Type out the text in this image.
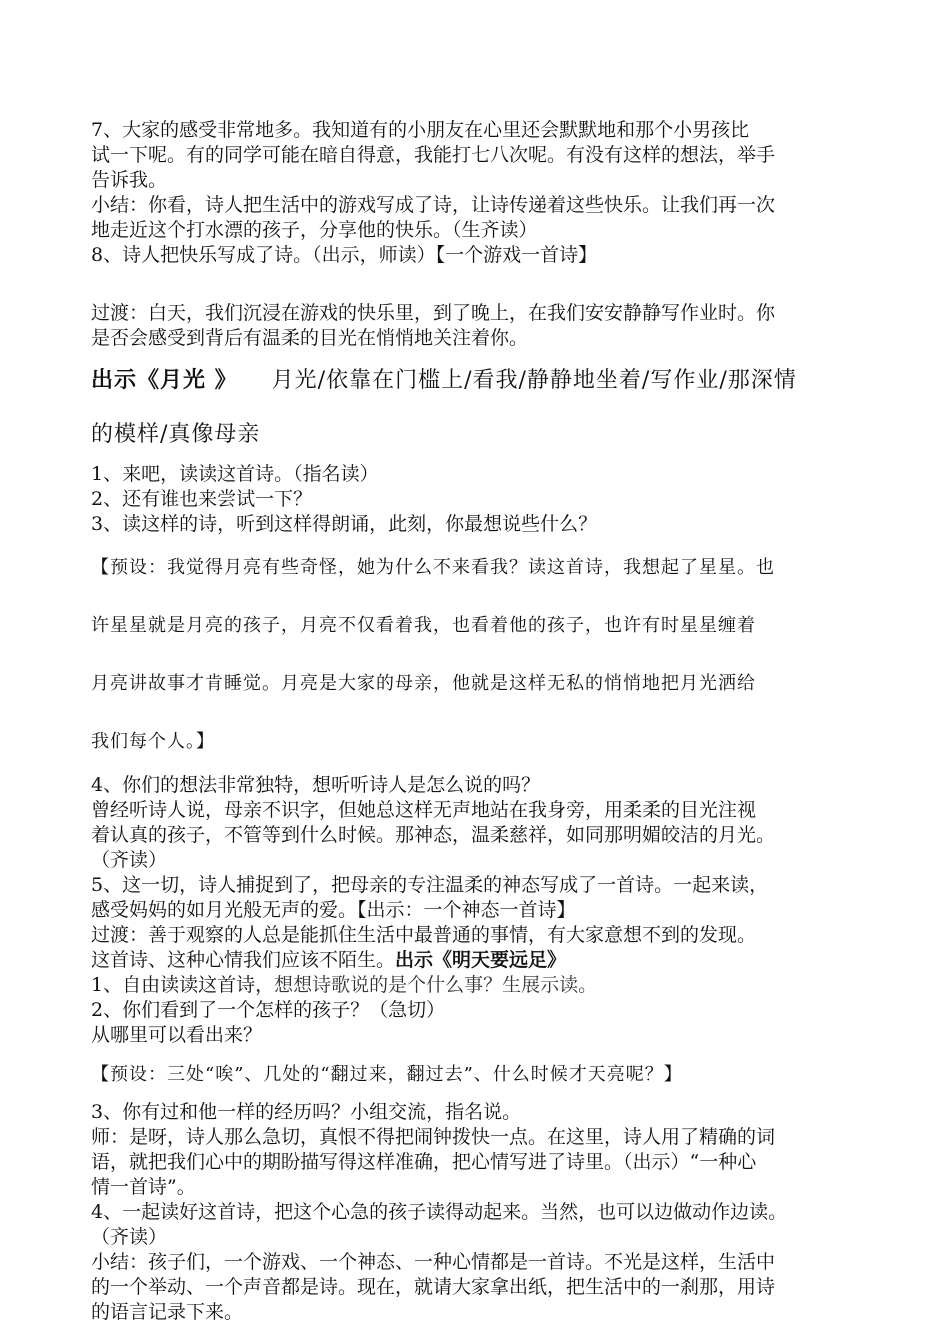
7、大家的感受非常地多。我知道有的小朋友在心里还会默默地和那个小男孩比

试一下呢。有的同学可能在暗自得意，我能打七八次呢。有没有这样的想法，举手

告诉我。

小结：你看，诗人把生活中的游戏写成了诗，让诗传递着这些快乐。让我们再一次

地走近这个打水漂的孩子，分享他的快乐。（生齐读）

8、诗人把快乐写成了诗。（出示，师读）【一个游戏一首诗】

过渡：白天，我们沉浸在游戏的快乐里，到了晚上，在我们安安静静写作业时。你

是否会感受到背后有温柔的目光在悄悄地关注着你。

出示《月光 》 月光/依靠在门槛上/看我/静静地坐着/写作业/那深情

的模样/真像母亲

1、来吧，读读这首诗。（指名读）

2、还有谁也来尝试一下？

3、读这样的诗，听到这样得朗诵，此刻，你最想说些什么？

【预设：我觉得月亮有些奇怪，她为什么不来看我？读这首诗，我想起了星星。也

许星星就是月亮的孩子，月亮不仅看着我，也看着他的孩子，也许有时星星缠着

月亮讲故事才肯睡觉。月亮是大家的母亲，他就是这样无私的悄悄地把月光洒给

我们每个人。】

4、你们的想法非常独特，想听听诗人是怎么说的吗？

曾经听诗人说，母亲不识字，但她总这样无声地站在我身旁，用柔柔的目光注视

着认真的孩子，不管等到什么时候。那神态，温柔慈祥，如同那明媚皎洁的月光。

（齐读）

5、这一切，诗人捕捉到了，把母亲的专注温柔的神态写成了一首诗。一起来读，

感受妈妈的如月光般无声的爱。【出示：一个神态一首诗】

过渡：善于观察的人总是能抓住生活中最普通的事情，有大家意想不到的发现。

这首诗、这种心情我们应该不陌生。出示《明天要远足》

1、自由读读这首诗，想想诗歌说的是个什么事？生展示读。

2、你们看到了一个怎样的孩子？（急切）

从哪里可以看出来？

【预设：三处“唉”、几处的“翻过来，翻过去”、什么时候才天亮呢？】

3、你有过和他一样的经历吗？小组交流，指名说。

师：是呀，诗人那么急切，真恨不得把闹钟拨快一点。在这里，诗人用了精确的词

语，就把我们心中的期盼描写得这样准确，把心情写进了诗里。（出示）“一种心

情一首诗”。

4、一起读好这首诗，把这个心急的孩子读得动起来。当然，也可以边做动作边读。

（齐读）

小结：孩子们，一个游戏、一个神态、一种心情都是一首诗。不光是这样，生活中

的一个举动、一个声音都是诗。现在，就请大家拿出纸，把生活中的一刹那，用诗

的语言记录下来。
